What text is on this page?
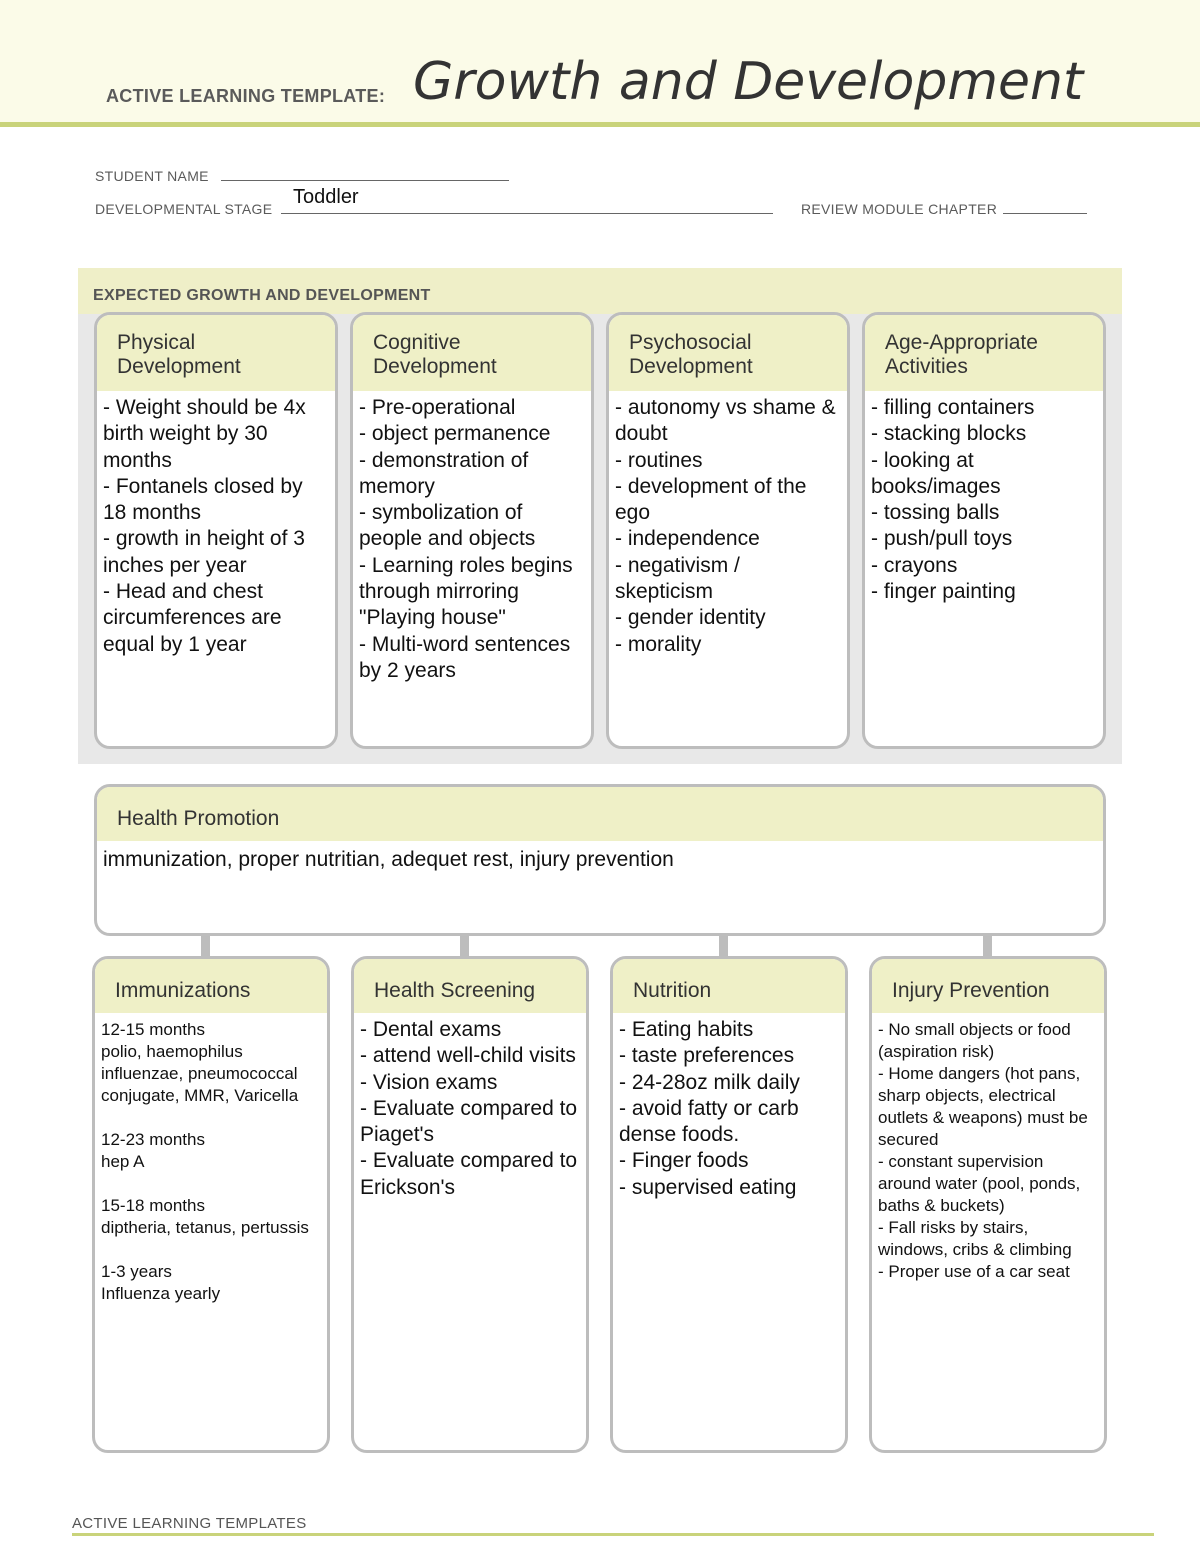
ACTIVE LEARNING TEMPLATE: Growth and Development
STUDENT NAME
DEVELOPMENTAL STAGE
Toddler
REVIEW MODULE CHAPTER
EXPECTED GROWTH AND DEVELOPMENT
Physical
Development
- Weight should be 4x birth weight by 30 months
- Fontanels closed by 18 months
- growth in height of 3 inches per year
- Head and chest circumferences are equal by 1 year
Cognitive
Development
- Pre-operational
- object permanence
- demonstration of memory
- symbolization of people and objects
- Learning roles begins through mirroring "Playing house"
- Multi-word sentences by 2 years
Psychosocial
Development
- autonomy vs shame & doubt
- routines
- development of the ego
- independence
- negativism / skepticism
- gender identity
- morality
Age-Appropriate
Activities
- filling containers
- stacking blocks
- looking at books/images
- tossing balls
- push/pull toys
- crayons
- finger painting
Health Promotion
immunization, proper nutritian, adequet rest, injury prevention
Immunizations
12-15 months
polio, haemophilus influenzae, pneumococcal conjugate, MMR, Varicella

12-23 months
hep A

15-18 months
diptheria, tetanus, pertussis

1-3 years
Influenza yearly
Health Screening
- Dental exams
- attend well-child visits
- Vision exams
- Evaluate compared to Piaget's
- Evaluate compared to Erickson's
Nutrition
- Eating habits
- taste preferences
- 24-28oz milk daily
- avoid fatty or carb dense foods.
- Finger foods
- supervised eating
Injury Prevention
- No small objects or food (aspiration risk)
- Home dangers (hot pans, sharp objects, electrical outlets & weapons) must be secured
- constant supervision around water (pool, ponds, baths & buckets)
- Fall risks by stairs, windows, cribs & climbing
- Proper use of a car seat
ACTIVE LEARNING TEMPLATES
